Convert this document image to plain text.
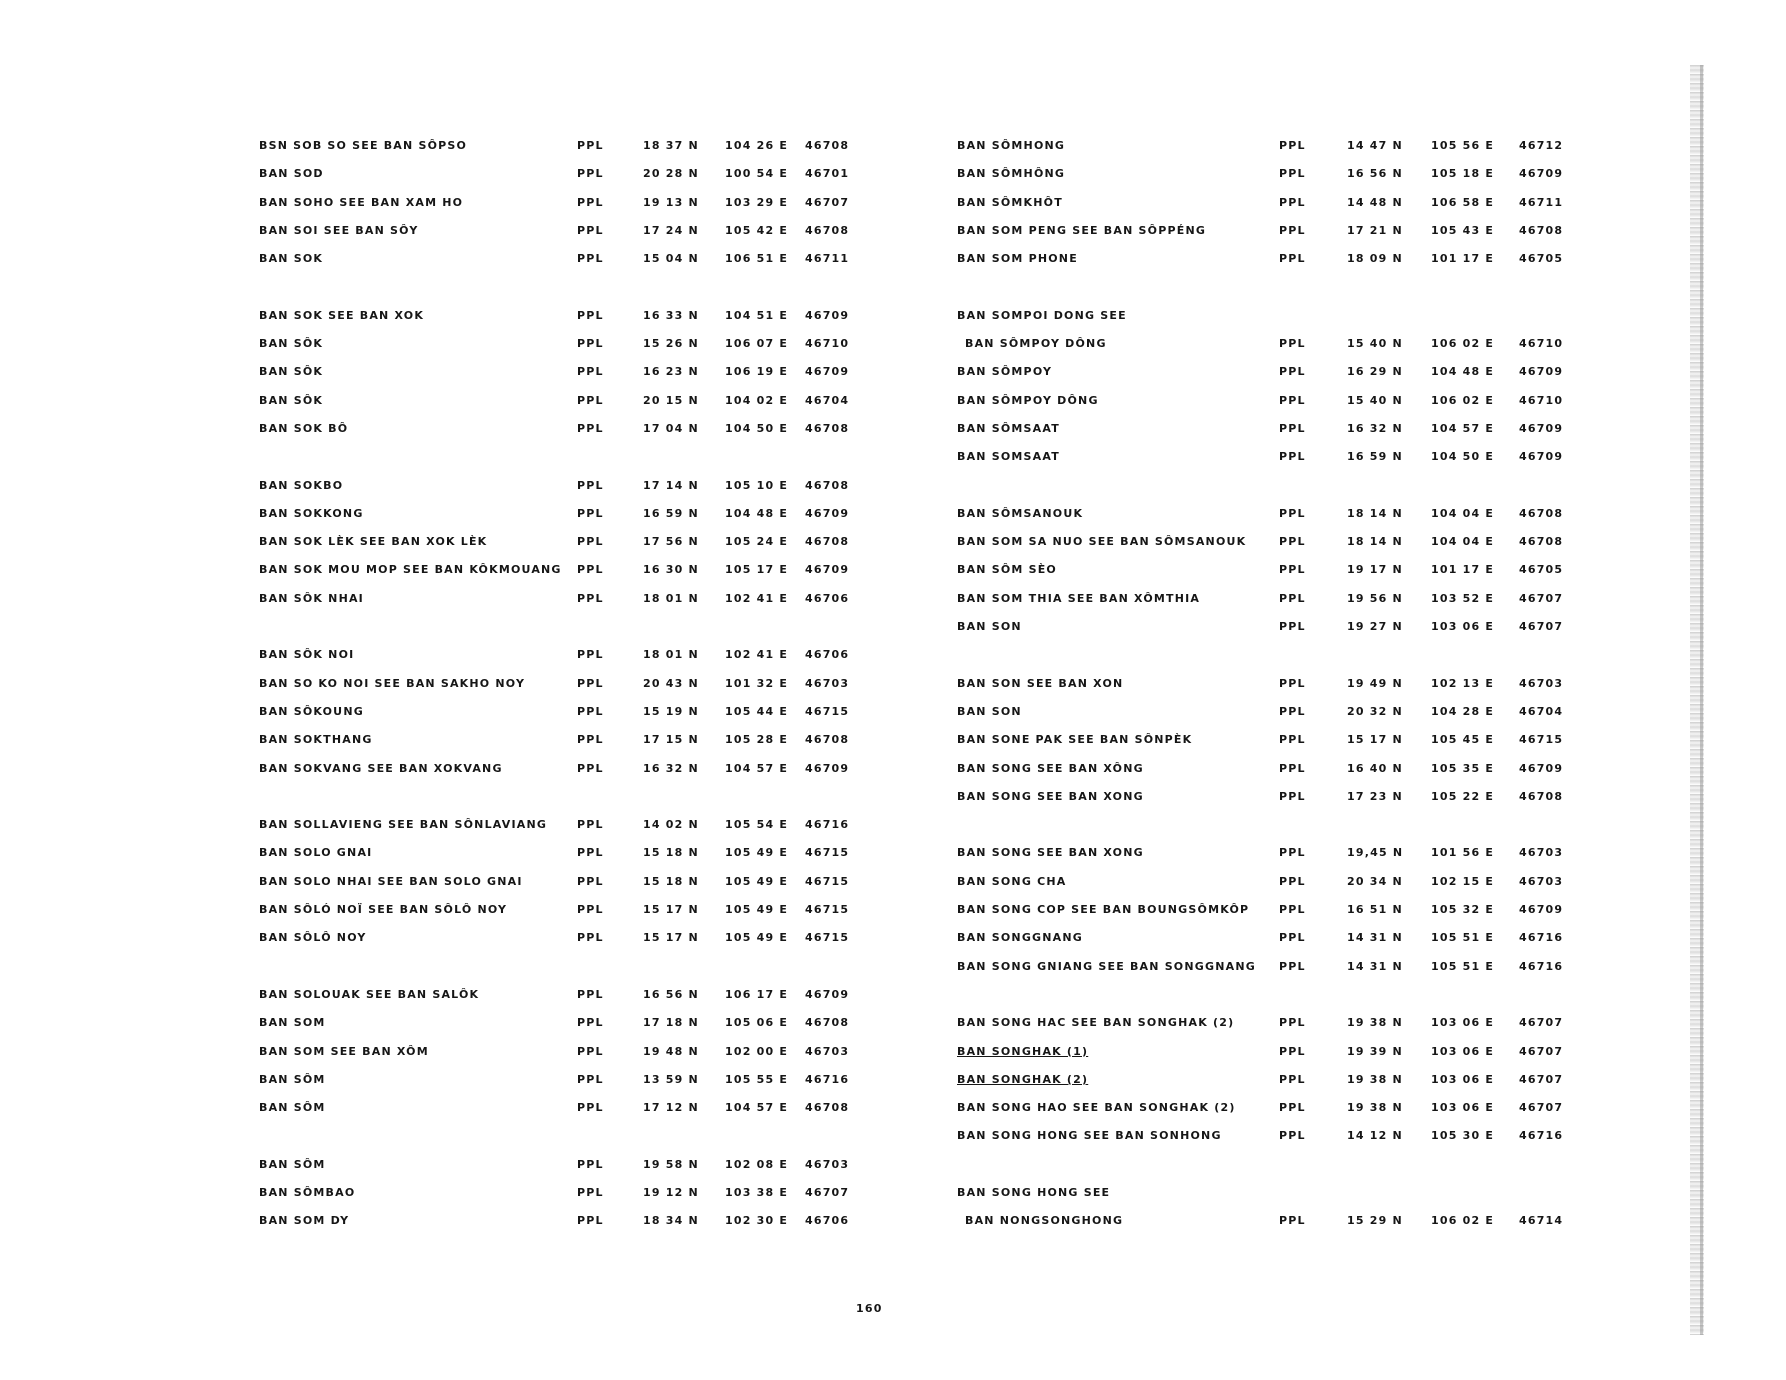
BSN SOB SO SEE BAN SÔPSO	PPL	18 37 N 104 26 E 46708
BAN SOD	PPL	20 28 N 100 54 E 46701
BAN SOHO SEE BAN XAM HO	PPL	19 13 N 103 29 E 46707
BAN SOI SEE BAN SÔY	PPL	17 24 N 105 42 E 46708
BAN SOK	PPL	15 04 N 106 51 E 46711
BAN SOK SEE BAN XOK	PPL	16 33 N 104 51 E 46709
BAN SÔK	PPL	15 26 N 106 07 E 46710
BAN SÔK	PPL	16 23 N 106 19 E 46709
BAN SÔK	PPL	20 15 N 104 02 E 46704
BAN SOK BÔ	PPL	17 04 N 104 50 E 46708
BAN SOKBO	PPL	17 14 N 105 10 E 46708
BAN SOKKONG	PPL	16 59 N 104 48 E 46709
BAN SOK LÈK SEE BAN XOK LÈK	PPL	17 56 N 105 24 E 46708
BAN SOK MOU MOP SEE BAN KÔKMOUANG PPL	16 30 N 105 17 E 46709
BAN SÔK NHAI	PPL	18 01 N 102 41 E 46706
BAN SÔK NOI	PPL	18 01 N 102 41 E 46706
BAN SO KO NOI SEE BAN SAKHO NOY	PPL	20 43 N 101 32 E 46703
BAN SÔKOUNG	PPL	15 19 N 105 44 E 46715
BAN SOKTHANG	PPL	17 15 N 105 28 E 46708
BAN SOKVANG SEE BAN XOKVANG	PPL	16 32 N 104 57 E 46709
BAN SOLLAVIENG SEE BAN SÔNLAVIANG	PPL	14 02 N 105 54 E 46716
BAN SOLO GNAI	PPL	15 18 N 105 49 E 46715
BAN SOLO NHAI SEE BAN SOLO GNAI	PPL	15 18 N 105 49 E 46715
BAN SÔLÓ NOÏ SEE BAN SÔLÔ NOY	PPL	15 17 N 105 49 E 46715
BAN SÔLÔ NOY	PPL	15 17 N 105 49 E 46715
BAN SOLOUAK SEE BAN SALÔK	PPL	16 56 N 106 17 E 46709
BAN SOM	PPL	17 18 N 105 06 E 46708
BAN SOM SEE BAN XÔM	PPL	19 48 N 102 00 E 46703
BAN SÔM	PPL	13 59 N 105 55 E 46716
BAN SÔM	PPL	17 12 N 104 57 E 46708
BAN SÔM	PPL	19 58 N 102 08 E 46703
BAN SÔMBAO	PPL	19 12 N 103 38 E 46707
BAN SOM DY	PPL	18 34 N 102 30 E 46706
BAN SÔMHONG	PPL	14 47 N	105 56 E 46712
BAN SÔMHÔNG	PPL	16 56 N	105 18 E 46709
BAN SÔMKHÔT	PPL	14 48 N	106 58 E 46711
BAN SOM PENG SEE BAN SÔPPÉNG	PPL	17 21 N	105 43 E 46708
BAN SOM PHONE	PPL	18 09 N	101 17 E 46705
BAN SOMPOI DONG SEE
BAN SÔMPOY DÔNG	PPL	15 40 N	106 02 E 46710
BAN SÔMPOY	PPL	16 29 N	104 48 E 46709
BAN SÔMPOY DÔNG	PPL	15 40 N	106 02 E 46710
BAN SÔMSAAT	PPL	16 32 N	104 57 E 46709
BAN SOMSAAT	PPL	16 59 N	104 50 E 46709
BAN SÔMSANOUK	PPL	18 14 N	104 04 E 46708
BAN SOM SA NUO SEE BAN SÔMSANOUK	PPL	18 14 N	104 04 E 46708
BAN SÔM SÈO	PPL	19 17 N	101 17 E 46705
BAN SOM THIA SEE BAN XÔMTHIA	PPL	19 56 N	103 52 E 46707
BAN SON	PPL	19 27 N	103 06 E 46707
BAN SON SEE BAN XON	PPL	19 49 N	102 13 E 46703
BAN SON	PPL	20 32 N	104 28 E 46704
BAN SONE PAK SEE BAN SÔNPÈK	PPL	15 17 N	105 45 E 46715
BAN SONG SEE BAN XÔNG	PPL	16 40 N	105 35 E 46709
BAN SONG SEE BAN XONG	PPL	17 23 N	105 22 E 46708
BAN SONG SEE BAN XONG	PPL	19,45 N	101 56 E 46703
BAN SONG CHA	PPL	20 34 N	102 15 E 46703
BAN SONG COP SEE BAN BOUNGSÔMKÔP	PPL	16 51 N	105 32 E 46709
BAN SONGGNANG	PPL	14 31 N	105 51 E 46716
BAN SONG GNIANG SEE BAN SONGGNANG PPL	14 31 N	105 51 E 46716
BAN SONG HAC SEE BAN SONGHAK (2)	PPL	19 38 N	103 06 E 46707
BAN SONGHAK (1)	PPL	19 39 N	103 06 E 46707
BAN SONGHAK (2)	PPL	19 38 N	103 06 E 46707
BAN SONG HAO SEE BAN SONGHAK (2)	PPL	19 38 N	103 06 E 46707
BAN SONG HONG SEE BAN SONHONG	PPL	14 12 N	105 30 E 46716
BAN SONG HONG SEE
BAN NONGSONGHONG	PPL	15 29 N	106 02 E 46714
160
